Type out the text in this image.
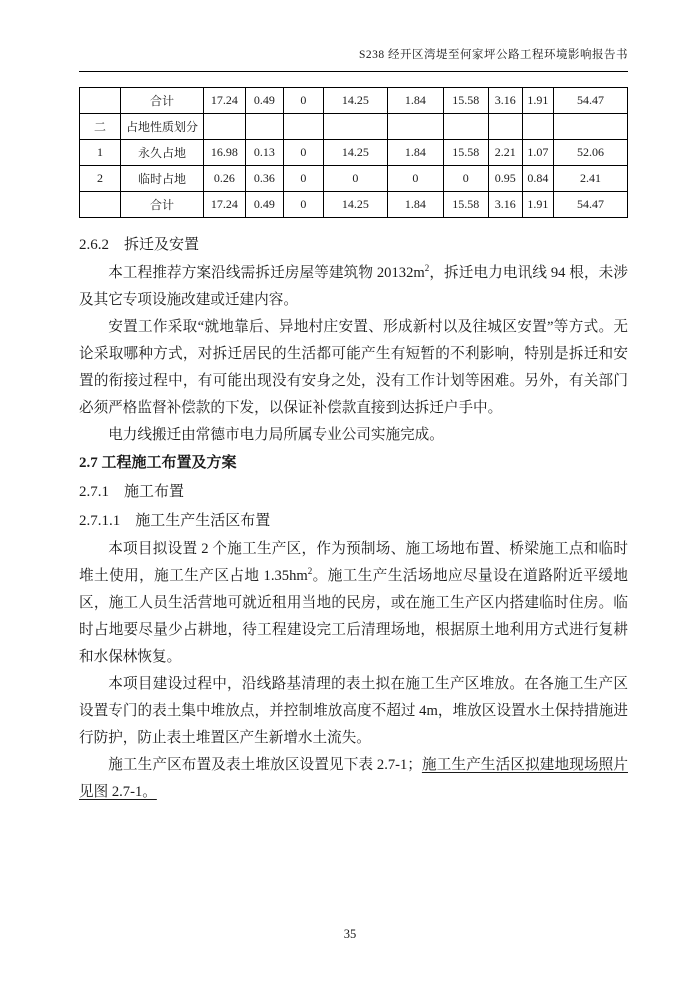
S238 经开区湾堤至何家坪公路工程环境影响报告书
	合计	17.24	0.49	0	14.25	1.84	15.58	3.16	1.91	54.47
二	占地性质划分									
1	永久占地	16.98	0.13	0	14.25	1.84	15.58	2.21	1.07	52.06
2	临时占地	0.26	0.36	0	0	0	0	0.95	0.84	2.41
	合计	17.24	0.49	0	14.25	1.84	15.58	3.16	1.91	54.47
2.6.2　拆迁及安置

本工程推荐方案沿线需拆迁房屋等建筑物 $20132m^2$，拆迁电力电讯线 94 根，未涉及其它专项设施改建或迁建内容。

安置工作采取“就地靠后、异地村庄安置、形成新村以及往城区安置”等方式。无论采取哪种方式，对拆迁居民的生活都可能产生有短暂的不利影响，特别是拆迁和安置的衔接过程中，有可能出现没有安身之处，没有工作计划等困难。另外，有关部门必须严格监督补偿款的下发，以保证补偿款直接到达拆迁户手中。

电力线搬迁由常德市电力局所属专业公司实施完成。

2.7 工程施工布置及方案
2.7.1　施工布置
2.7.1.1　施工生产生活区布置

本项目拟设置 2 个施工生产区，作为预制场、施工场地布置、桥梁施工点和临时堆土使用，施工生产区占地 $1.35hm^2$。施工生产生活场地应尽量设在道路附近平缓地区，施工人员生活营地可就近租用当地的民房，或在施工生产区内搭建临时住房。临时占地要尽量少占耕地，待工程建设完工后清理场地，根据原土地利用方式进行复耕和水保林恢复。

本项目建设过程中，沿线路基清理的表土拟在施工生产区堆放。在各施工生产区设置专门的表土集中堆放点，并控制堆放高度不超过 4m，堆放区设置水土保持措施进行防护，防止表土堆置区产生新增水土流失。

施工生产区布置及表土堆放区设置见下表 2.7-1；施工生产生活区拟建地现场照片见图 2.7-1。

35
